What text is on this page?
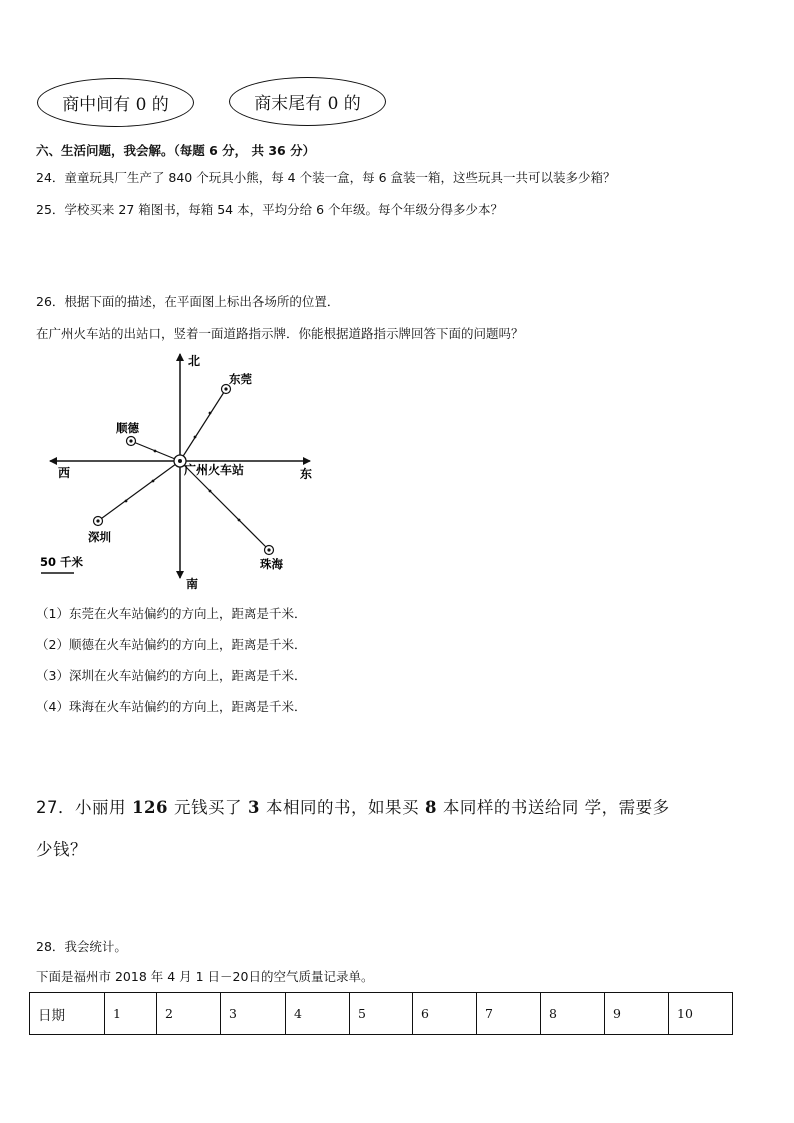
商中间有 0 的	商末尾有 0 的
六、生活问题，我会解。（每题 6 分， 共 36 分）
24．童童玩具厂生产了 840 个玩具小熊，每 4 个装一盒，每 6 盒装一箱，这些玩具一共可以装多少箱？
25．学校买来 27 箱图书，每箱 54 本，平均分给 6 个年级。每个年级分得多少本？
26．根据下面的描述，在平面图上标出各场所的位置．
在广州火车站的出站口，竖着一面道路指示牌．你能根据道路指示牌回答下面的问题吗？
北
南
东
西	广州火车站
东莞
顺德
深圳
珠海
50 千米
（1）东莞在火车站偏约的方向上，距离是千米．
（2）顺德在火车站偏约的方向上，距离是千米．
（3）深圳在火车站偏约的方向上，距离是千米．
（4）珠海在火车站偏约的方向上，距离是千米．
27．小丽用 126 元钱买了 3 本相同的书，如果买 8 本同样的书送给同 学，需要多
少钱？
28．我会统计。
下面是福州市 2018 年 4 月 1 日－20日的空气质量记录单。
日期	1	2	3	4	5	6	7	8	9	10
